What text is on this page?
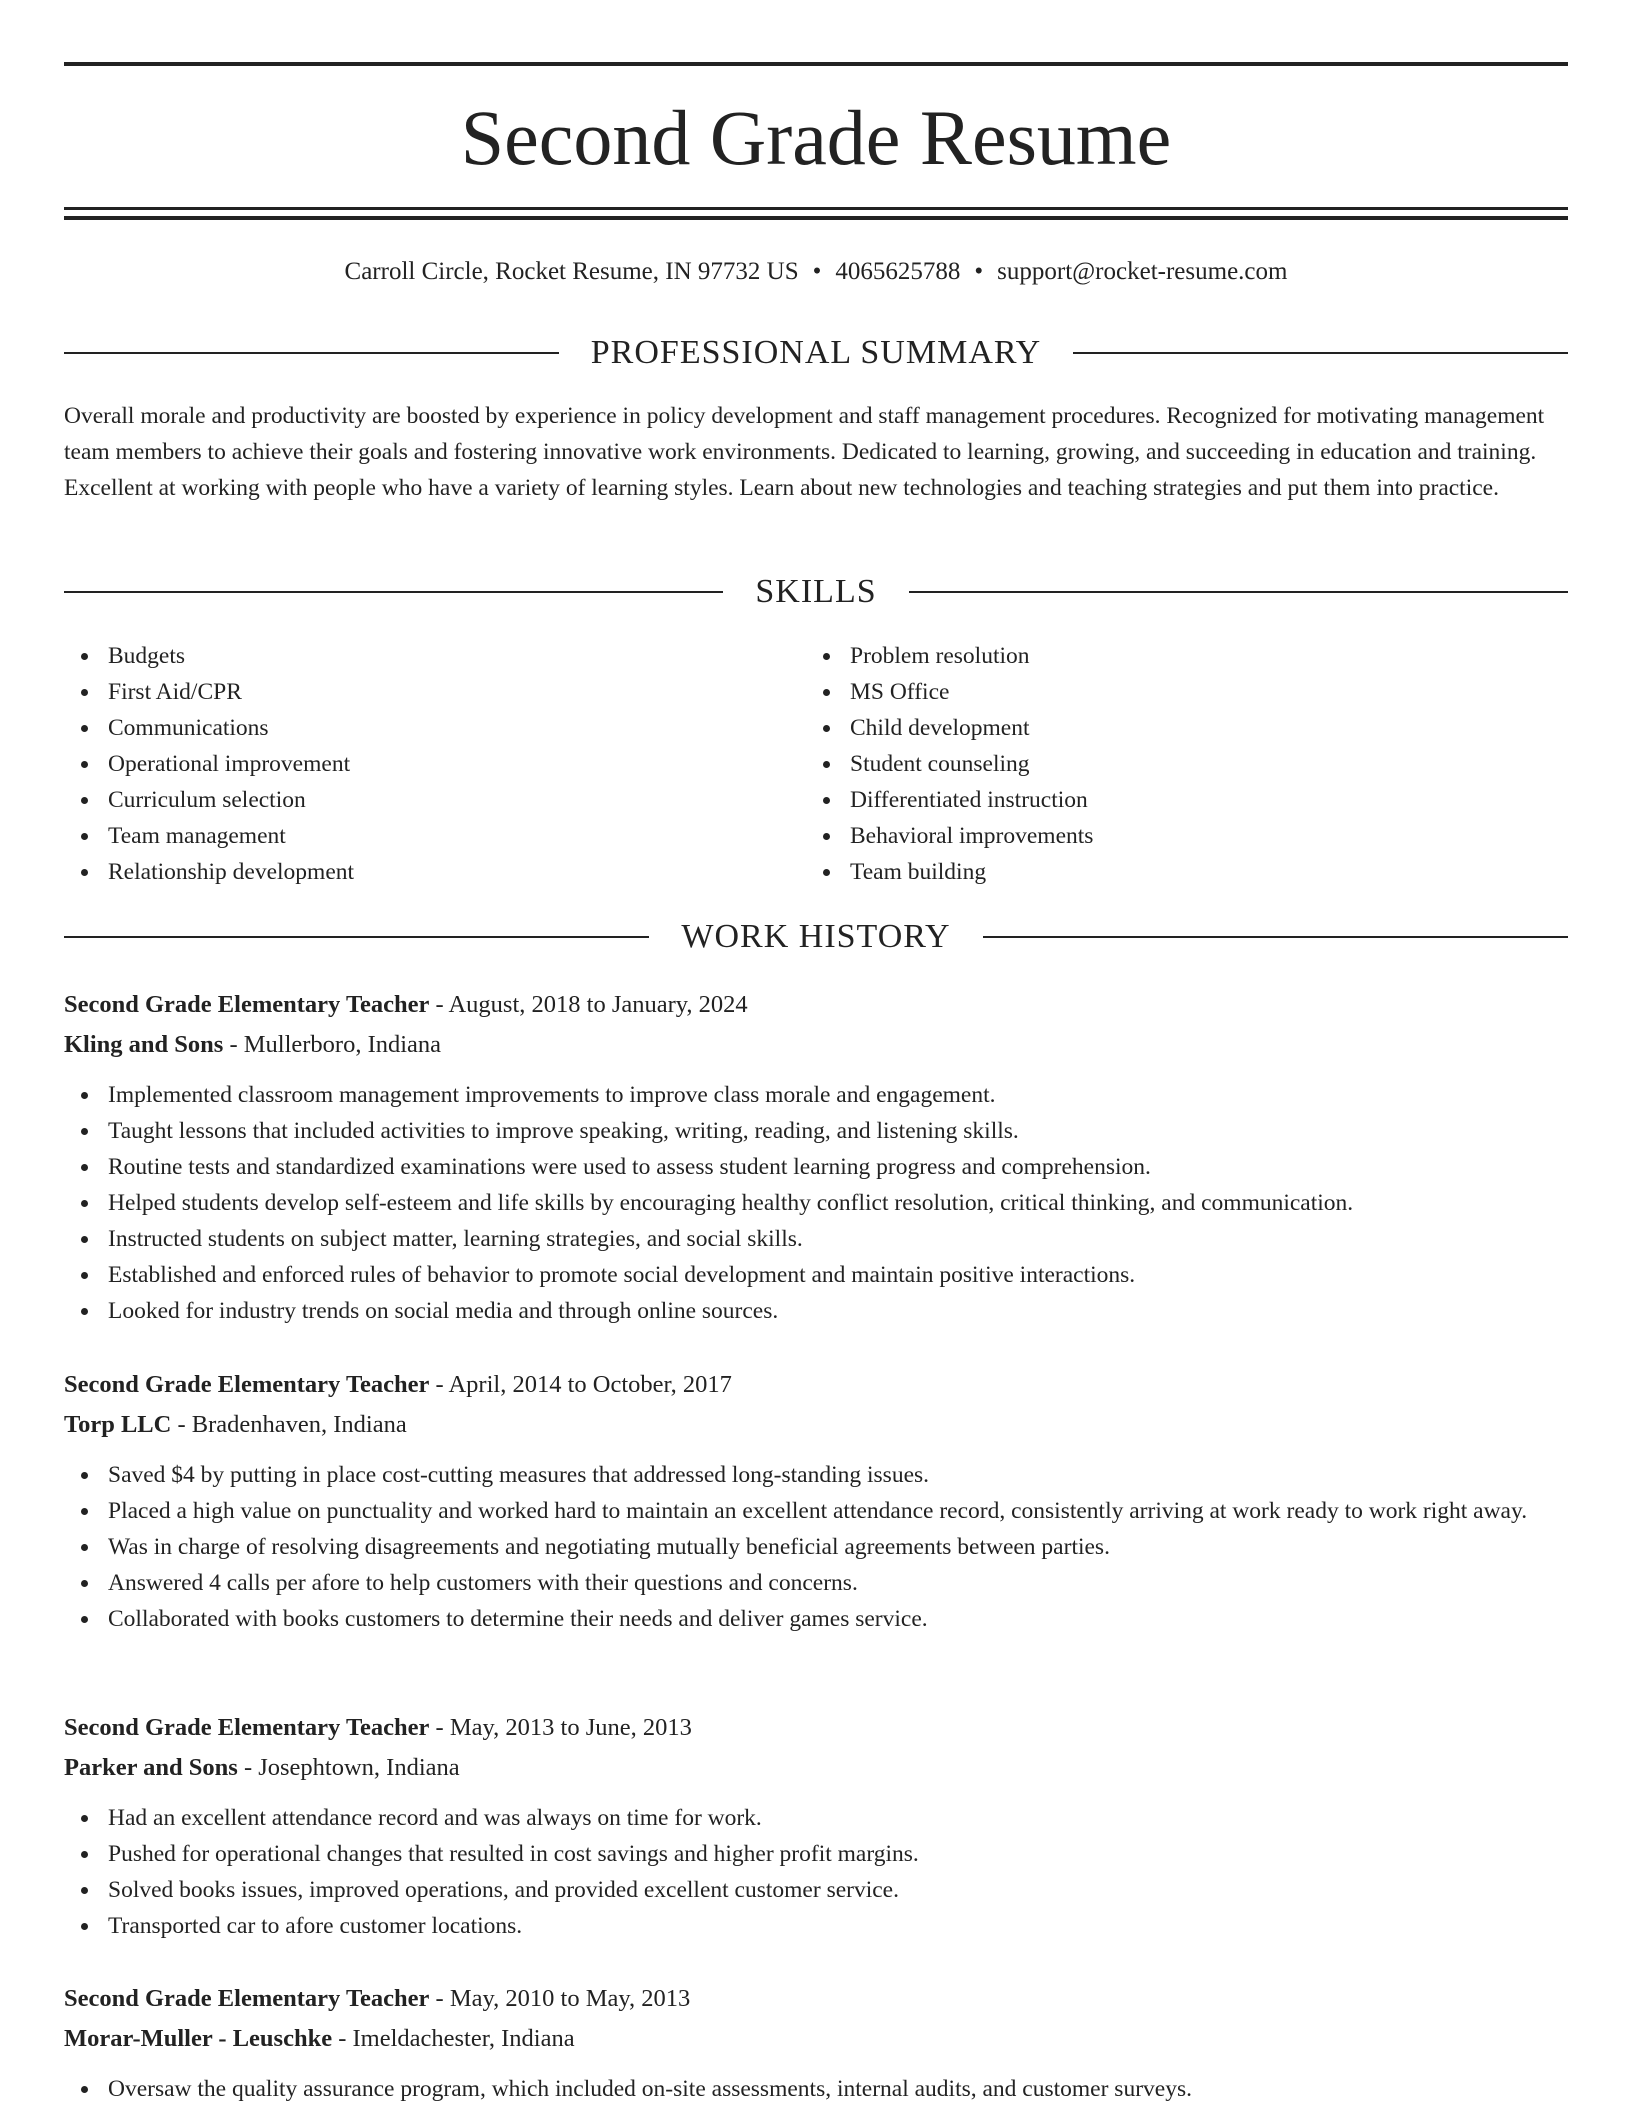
Second Grade Resume
Carroll Circle, Rocket Resume, IN 97732 US • 4065625788 • support@rocket-resume.com
PROFESSIONAL SUMMARY

Overall morale and productivity are boosted by experience in policy development and staff management procedures. Recognized for motivating management team members to achieve their goals and fostering innovative work environments. Dedicated to learning, growing, and succeeding in education and training. Excellent at working with people who have a variety of learning styles. Learn about new technologies and teaching strategies and put them into practice.

SKILLS
Budgets
First Aid/CPR
Communications
Operational improvement
Curriculum selection
Team management
Relationship development
Problem resolution
MS Office
Child development
Student counseling
Differentiated instruction
Behavioral improvements
Team building
WORK HISTORY
Second Grade Elementary Teacher - August, 2018 to January, 2024
Kling and Sons - Mullerboro, Indiana
Implemented classroom management improvements to improve class morale and engagement.
Taught lessons that included activities to improve speaking, writing, reading, and listening skills.
Routine tests and standardized examinations were used to assess student learning progress and comprehension.
Helped students develop self-esteem and life skills by encouraging healthy conflict resolution, critical thinking, and communication.
Instructed students on subject matter, learning strategies, and social skills.
Established and enforced rules of behavior to promote social development and maintain positive interactions.
Looked for industry trends on social media and through online sources.
Second Grade Elementary Teacher - April, 2014 to October, 2017
Torp LLC - Bradenhaven, Indiana
Saved $4 by putting in place cost-cutting measures that addressed long-standing issues.
Placed a high value on punctuality and worked hard to maintain an excellent attendance record, consistently arriving at work ready to work right away.
Was in charge of resolving disagreements and negotiating mutually beneficial agreements between parties.
Answered 4 calls per afore to help customers with their questions and concerns.
Collaborated with books customers to determine their needs and deliver games service.
Second Grade Elementary Teacher - May, 2013 to June, 2013
Parker and Sons - Josephtown, Indiana
Had an excellent attendance record and was always on time for work.
Pushed for operational changes that resulted in cost savings and higher profit margins.
Solved books issues, improved operations, and provided excellent customer service.
Transported car to afore customer locations.
Second Grade Elementary Teacher - May, 2010 to May, 2013
Morar-Muller - Leuschke - Imeldachester, Indiana
Oversaw the quality assurance program, which included on-site assessments, internal audits, and customer surveys.
